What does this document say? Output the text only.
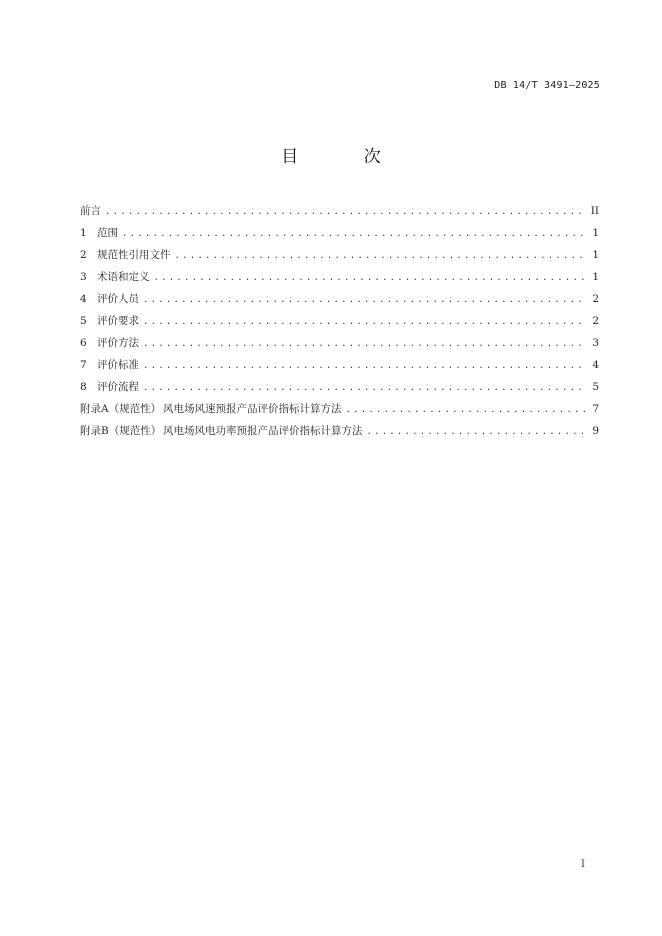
DB 14/T 3491—2025
目 次
前言 .....	II
1 范围 .....	1
2 规范性引用文件 .....	1
3 术语和定义 .....	1
4 评价人员 .....	2
5 评价要求 .....	2
6 评价方法 .....	3
7 评价标准 .....	4
8 评价流程 .....	5
附录A（规范性） 风电场风速预报产品评价指标计算方法 .....	7
附录B（规范性） 风电场风电功率预报产品评价指标计算方法 .....	9
I
